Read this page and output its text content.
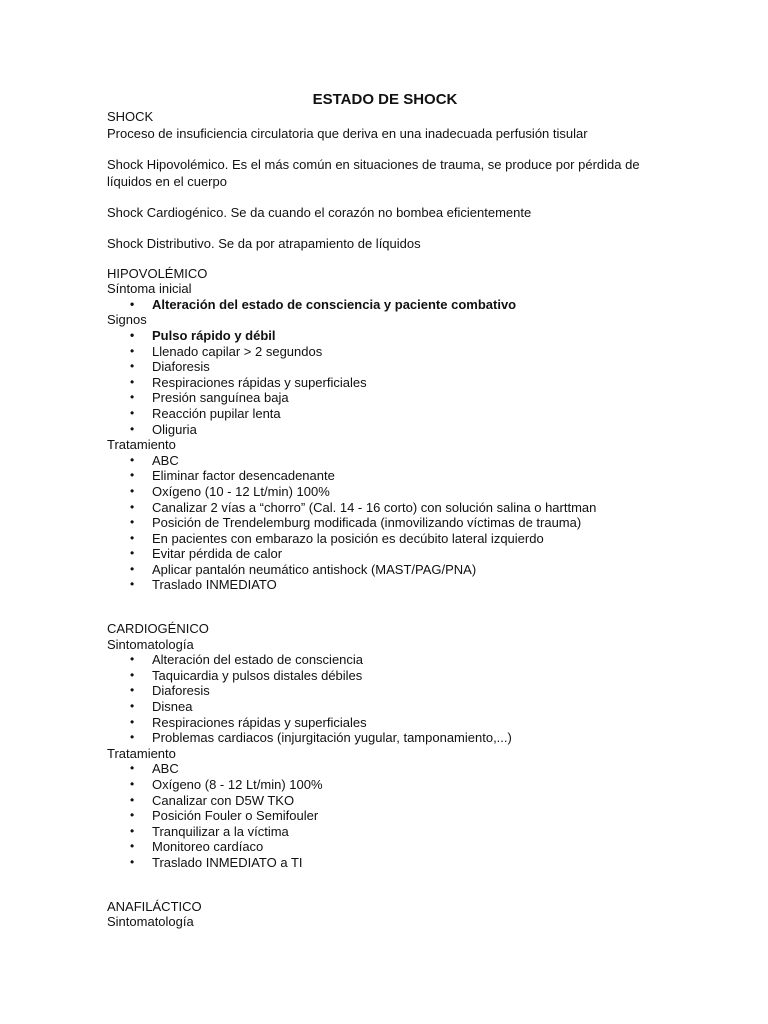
ESTADO DE SHOCK
SHOCK
Proceso de insuficiencia circulatoria que deriva en una inadecuada perfusión tisular
Shock Hipovolémico. Es el más común en situaciones de trauma, se produce por pérdida de líquidos en el cuerpo
Shock Cardiogénico. Se da cuando el corazón no bombea eficientemente
Shock Distributivo. Se da por atrapamiento de líquidos
HIPOVOLÉMICO
Síntoma inicial
• Alteración del estado de consciencia y paciente combativo
Signos
• Pulso rápido y débil
• Llenado capilar > 2 segundos
• Diaforesis
• Respiraciones rápidas y superficiales
• Presión sanguínea baja
• Reacción pupilar lenta
• Oliguria
Tratamiento
• ABC
• Eliminar factor desencadenante
• Oxígeno (10 - 12 Lt/min) 100%
• Canalizar 2 vías a “chorro” (Cal. 14 - 16 corto) con solución salina o harttman
• Posición de Trendelemburg modificada (inmovilizando víctimas de trauma)
• En pacientes con embarazo la posición es decúbito lateral izquierdo
• Evitar pérdida de calor
• Aplicar pantalón neumático antishock (MAST/PAG/PNA)
• Traslado INMEDIATO
CARDIOGÉNICO
Sintomatología
• Alteración del estado de consciencia
• Taquicardia y pulsos distales débiles
• Diaforesis
• Disnea
• Respiraciones rápidas y superficiales
• Problemas cardiacos (injurgitación yugular, tamponamiento,...)
Tratamiento
• ABC
• Oxígeno (8 - 12 Lt/min) 100%
• Canalizar con D5W TKO
• Posición Fouler o Semifouler
• Tranquilizar a la víctima
• Monitoreo cardíaco
• Traslado INMEDIATO a TI
ANAFILÁCTICO
Sintomatología
